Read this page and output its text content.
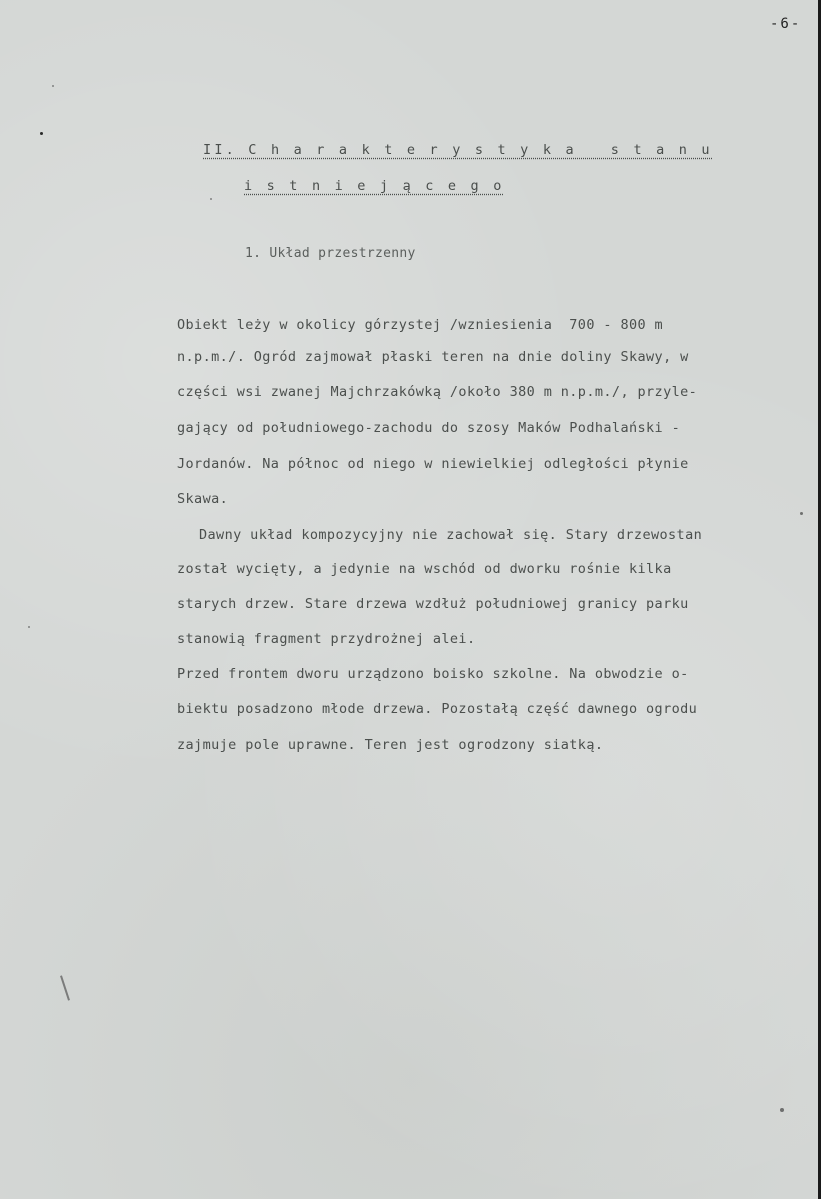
-6-
II. C h a r a k t e r y s t y k a   s t a n u
i s t n i e j ą c e g o
1. Układ przestrzenny
Obiekt leży w okolicy górzystej /wzniesienia  700 - 800 m
n.p.m./. Ogród zajmował płaski teren na dnie doliny Skawy, w
części wsi zwanej Majchrzakówką /około 380 m n.p.m./, przyle-
gający od południowego-zachodu do szosy Maków Podhalański -
Jordanów. Na północ od niego w niewielkiej odległości płynie
Skawa.
Dawny układ kompozycyjny nie zachował się. Stary drzewostan
został wycięty, a jedynie na wschód od dworku rośnie kilka
starych drzew. Stare drzewa wzdłuż południowej granicy parku
stanowią fragment przydrożnej alei.
Przed frontem dworu urządzono boisko szkolne. Na obwodzie o-
biektu posadzono młode drzewa. Pozostałą część dawnego ogrodu
zajmuje pole uprawne. Teren jest ogrodzony siatką.
